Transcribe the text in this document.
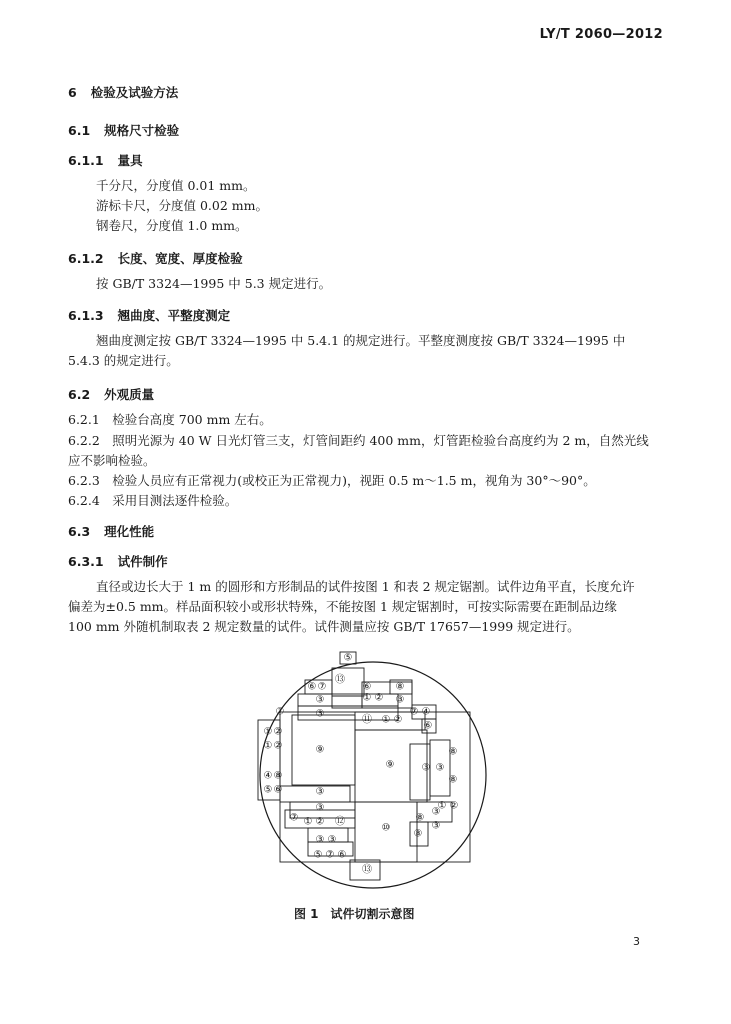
LY/T 2060—2012
6 检验及试验方法
6.1 规格尺寸检验
6.1.1 量具
千分尺，分度值 0.01 mm。
游标卡尺，分度值 0.02 mm。
钢卷尺，分度值 1.0 mm。
6.1.2 长度、宽度、厚度检验
按 GB/T 3324—1995 中 5.3 规定进行。
6.1.3 翘曲度、平整度测定
翘曲度测定按 GB/T 3324—1995 中 5.4.1 的规定进行。平整度测度按 GB/T 3324—1995 中
5.4.3 的规定进行。
6.2 外观质量
6.2.1　检验台高度 700 mm 左右。
6.2.2　照明光源为 40 W 日光灯管三支，灯管间距约 400 mm，灯管距检验台高度约为 2 m，自然光线
应不影响检验。
6.2.3　检验人员应有正常视力(或校正为正常视力)，视距 0.5 m～1.5 m，视角为 30°～90°。
6.2.4　采用目测法逐件检验。
6.3 理化性能
6.3.1 试件制作
直径或边长大于 1 m 的圆形和方形制品的试件按图 1 和表 2 规定锯割。试件边角平直，长度允许
偏差为±0.5 mm。样品面积较小或形状特殊，不能按图 1 规定锯割时，可按实际需要在距制品边缘
100 mm 外随机制取表 2 规定数量的试件。试件测量应按 GB/T 17657—1999 规定进行。
⑤
⑬
⑥ ⑦	⑥ ⑧
① ②
③	③
⑦	③
⑪ ① ②
⑦ ④
⑥
① ②
① ②	⑨
⑨	③ ③
⑧
⑧
④ ⑧
⑤ ⑥	③
③	① ②
⑦ ① ② ⑫
⑩
⑧
③
③
⑧
③ ③
⑤ ⑦ ⑥
⑬
图 1　试件切割示意图
3
